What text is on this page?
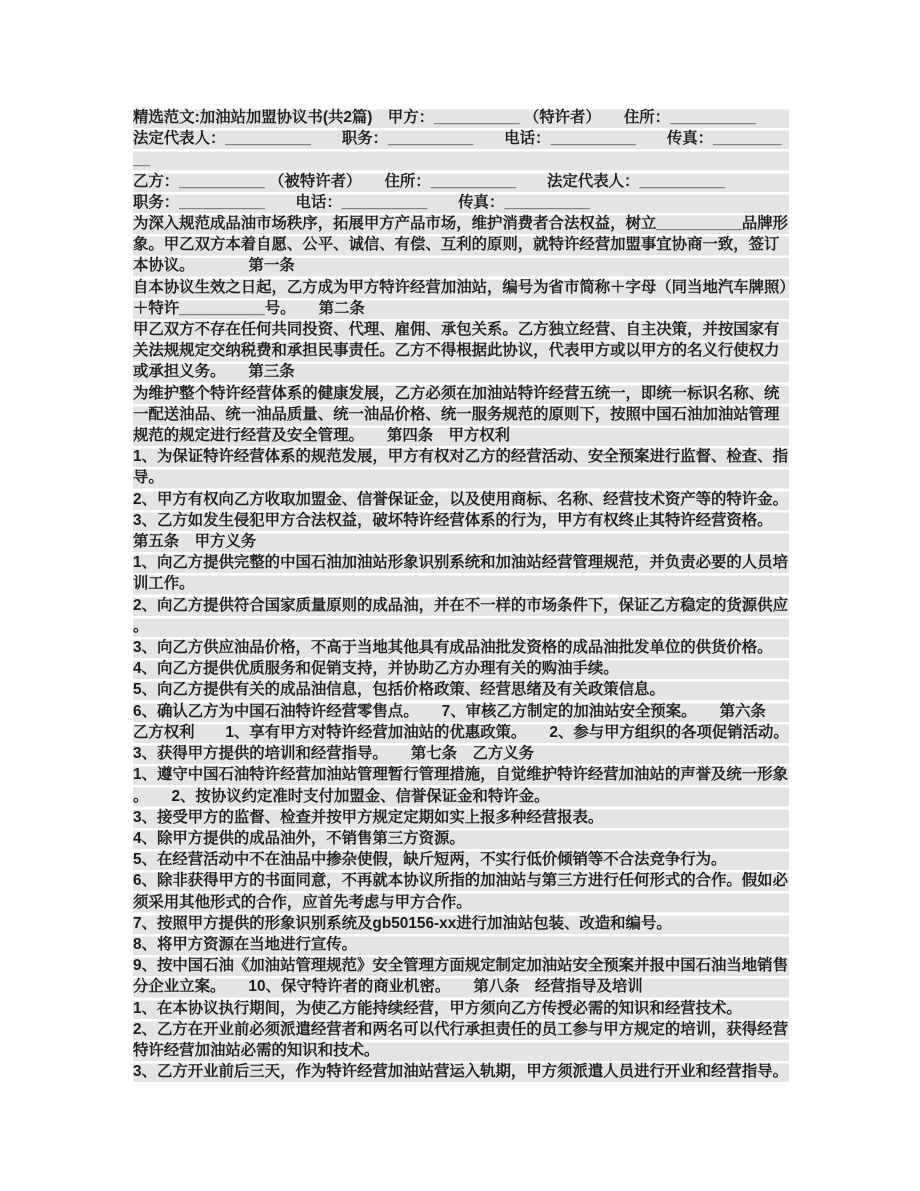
精选范文:加油站加盟协议书(共2篇)　甲方：__________ （特许者）　　住所：__________
法定代表人：__________　　职务：__________　　电话：__________　　传真：__________
乙方：__________ （被特许者）　　住所：__________　　法定代表人：__________
职务：__________　　电话：__________　　传真：__________
为深入规范成品油市场秩序，拓展甲方产品市场，维护消费者合法权益，树立__________品牌形象。甲乙双方本着自愿、公平、诚信、有偿、互利的原则，就特许经营加盟事宜协商一致，签订本协议。　　　　第一条
自本协议生效之日起，乙方成为甲方特许经营加油站，编号为省市简称＋字母（同当地汽车牌照）＋特许__________号。　　第二条
甲乙双方不存在任何共同投资、代理、雇佣、承包关系。乙方独立经营、自主决策，并按国家有关法规规定交纳税费和承担民事责任。乙方不得根据此协议，代表甲方或以甲方的名义行使权力或承担义务。　　第三条
为维护整个特许经营体系的健康发展，乙方必须在加油站特许经营五统一，即统一标识名称、统一配送油品、统一油品质量、统一油品价格、统一服务规范的原则下，按照中国石油加油站管理规范的规定进行经营及安全管理。　　第四条　甲方权利
1、为保证特许经营体系的规范发展，甲方有权对乙方的经营活动、安全预案进行监督、检查、指导。
2、甲方有权向乙方收取加盟金、信誉保证金，以及使用商标、名称、经营技术资产等的特许金。
3、乙方如发生侵犯甲方合法权益，破坏特许经营体系的行为，甲方有权终止其特许经营资格。
第五条　甲方义务
1、向乙方提供完整的中国石油加油站形象识别系统和加油站经营管理规范，并负责必要的人员培训工作。
2、向乙方提供符合国家质量原则的成品油，并在不一样的市场条件下，保证乙方稳定的货源供应。
3、向乙方供应油品价格，不高于当地其他具有成品油批发资格的成品油批发单位的供货价格。
4、向乙方提供优质服务和促销支持，并协助乙方办理有关的购油手续。
5、向乙方提供有关的成品油信息，包括价格政策、经营思绪及有关政策信息。
6、确认乙方为中国石油特许经营零售点。　　7、审核乙方制定的加油站安全预案。　　第六条
乙方权利　　1、享有甲方对特许经营加油站的优惠政策。　　2、参与甲方组织的各项促销活动。
3、获得甲方提供的培训和经营指导。　　第七条　乙方义务
1、遵守中国石油特许经营加油站管理暂行管理措施，自觉维护特许经营加油站的声誉及统一形象。　　2、按协议约定准时支付加盟金、信誉保证金和特许金。
3、接受甲方的监督、检查并按甲方规定定期如实上报多种经营报表。
4、除甲方提供的成品油外，不销售第三方资源。
5、在经营活动中不在油品中掺杂使假，缺斤短两，不实行低价倾销等不合法竞争行为。
6、除非获得甲方的书面同意，不再就本协议所指的加油站与第三方进行任何形式的合作。假如必须采用其他形式的合作，应首先考虑与甲方合作。
7、按照甲方提供的形象识别系统及gb50156-xx进行加油站包装、改造和编号。
8、将甲方资源在当地进行宣传。
9、按中国石油《加油站管理规范》安全管理方面规定制定加油站安全预案并报中国石油当地销售分企业立案。　　10、保守特许者的商业机密。　　第八条　经营指导及培训
1、在本协议执行期间，为使乙方能持续经营，甲方须向乙方传授必需的知识和经营技术。
2、乙方在开业前必须派遣经营者和两名可以代行承担责任的员工参与甲方规定的培训，获得经营特许经营加油站必需的知识和技术。
3、乙方开业前后三天，作为特许经营加油站营运入轨期，甲方须派遣人员进行开业和经营指导。
